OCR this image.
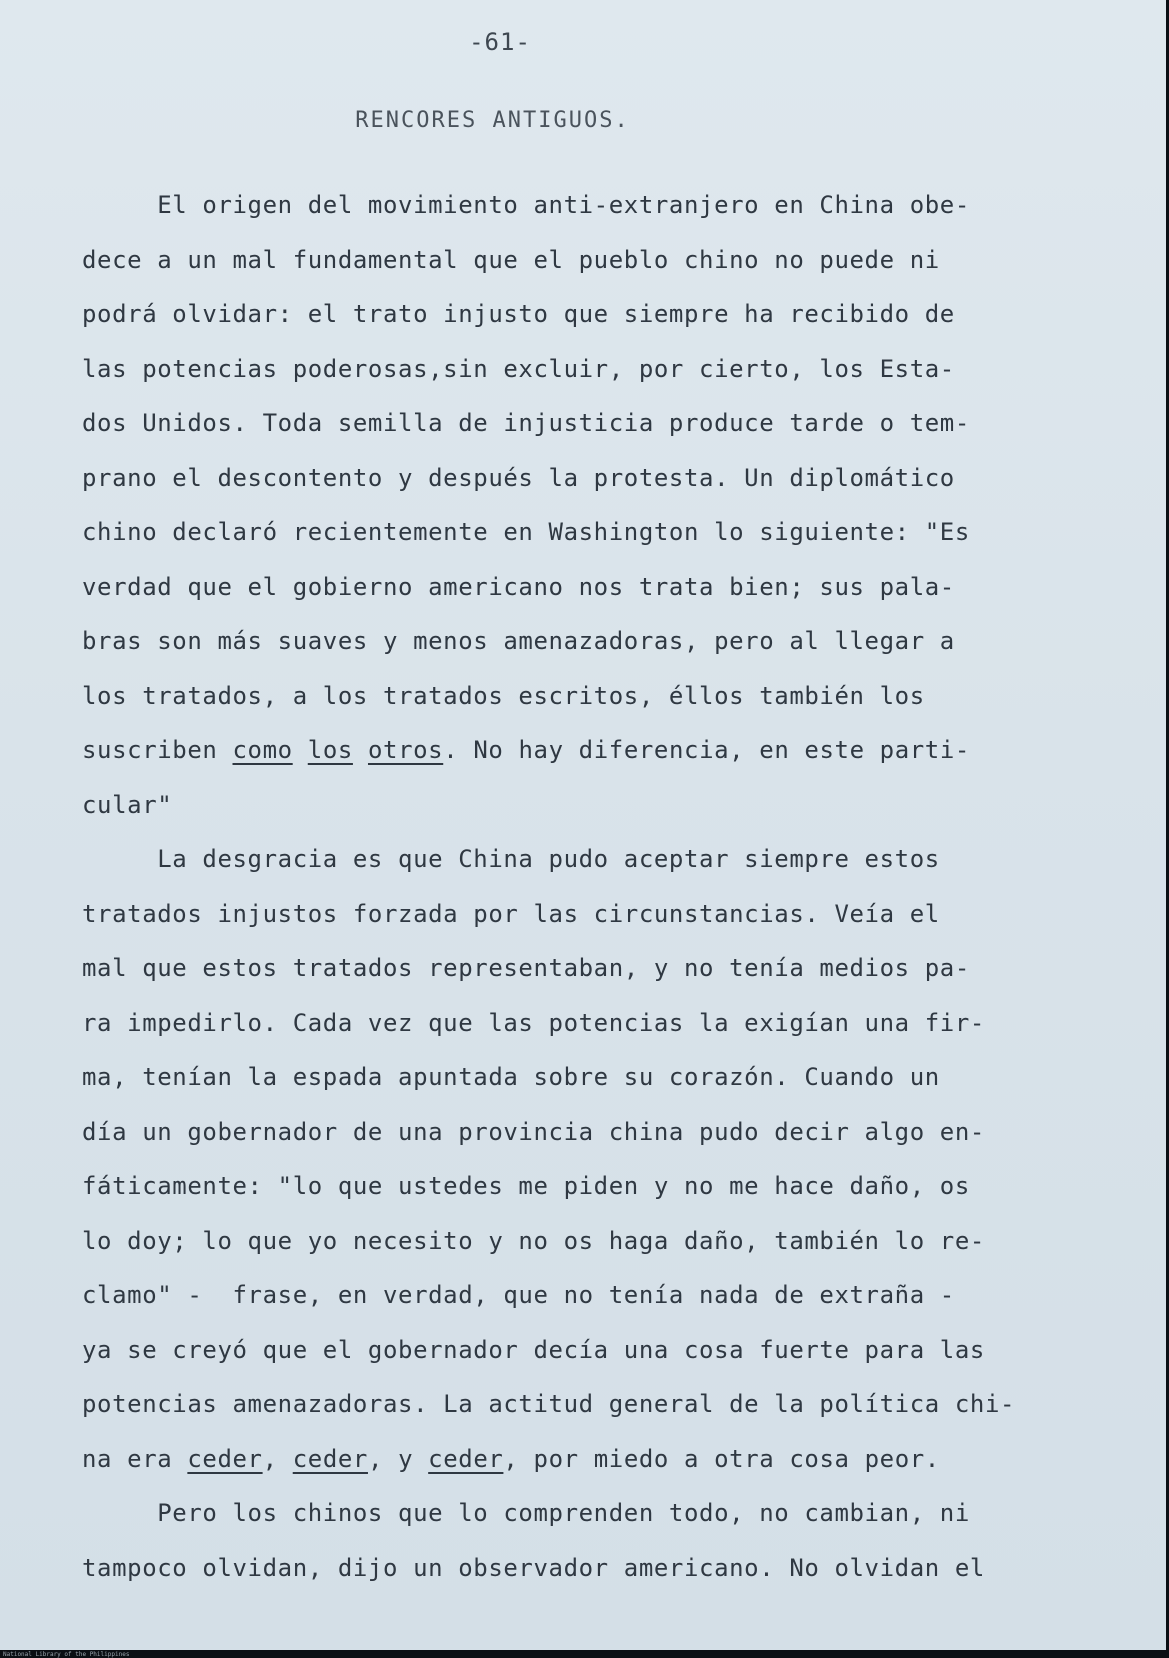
-61-
RENCORES ANTIGUOS.
El origen del movimiento anti-extranjero en China obe-
dece a un mal fundamental que el pueblo chino no puede ni
podrá olvidar: el trato injusto que siempre ha recibido de
las potencias poderosas,sin excluir, por cierto, los Esta-
dos Unidos. Toda semilla de injusticia produce tarde o tem-
prano el descontento y después la protesta. Un diplomático
chino declaró recientemente en Washington lo siguiente: "Es
verdad que el gobierno americano nos trata bien; sus pala-
bras son más suaves y menos amenazadoras, pero al llegar a
los tratados, a los tratados escritos, éllos también los
suscriben como los otros. No hay diferencia, en este parti-
cular"
La desgracia es que China pudo aceptar siempre estos
tratados injustos forzada por las circunstancias. Veía el
mal que estos tratados representaban, y no tenía medios pa-
ra impedirlo. Cada vez que las potencias la exigían una fir-
ma, tenían la espada apuntada sobre su corazón. Cuando un
día un gobernador de una provincia china pudo decir algo en-
fáticamente: "lo que ustedes me piden y no me hace daño, os
lo doy; lo que yo necesito y no os haga daño, también lo re-
clamo" -  frase, en verdad, que no tenía nada de extraña -
ya se creyó que el gobernador decía una cosa fuerte para las
potencias amenazadoras. La actitud general de la política chi-
na era ceder, ceder, y ceder, por miedo a otra cosa peor.
Pero los chinos que lo comprenden todo, no cambian, ni
tampoco olvidan, dijo un observador americano. No olvidan el
National Library of the Philippines
